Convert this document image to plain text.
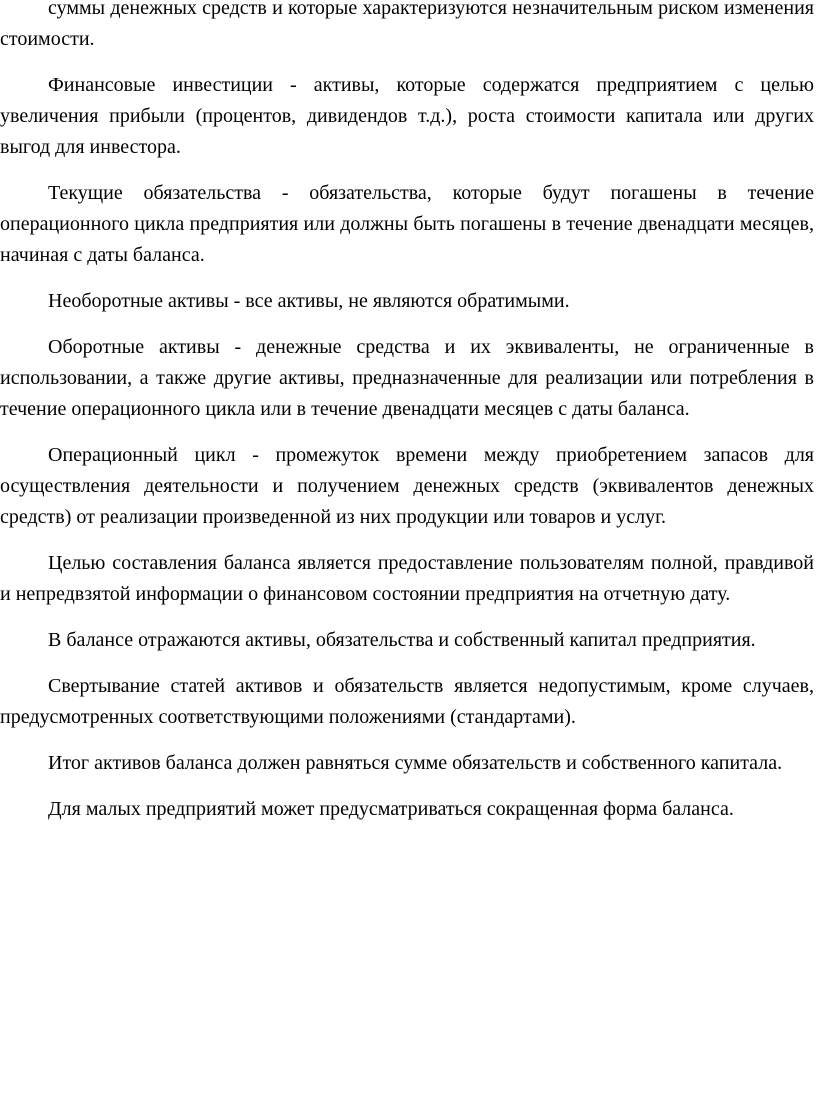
суммы денежных средств и которые характеризуются незначительным риском изменения стоимости.

Финансовые инвестиции - активы, которые содержатся предприятием с целью увеличения прибыли (процентов, дивидендов т.д.), роста стоимости капитала или других выгод для инвестора.

Текущие обязательства - обязательства, которые будут погашены в течение операционного цикла предприятия или должны быть погашены в течение двенадцати месяцев, начиная с даты баланса.

Необоротные активы - все активы, не являются обратимыми.

Оборотные активы - денежные средства и их эквиваленты, не ограниченные в использовании, а также другие активы, предназначенные для реализации или потребления в течение операционного цикла или в течение двенадцати месяцев с даты баланса.

Операционный цикл - промежуток времени между приобретением запасов для осуществления деятельности и получением денежных средств (эквивалентов денежных средств) от реализации произведенной из них продукции или товаров и услуг.

Целью составления баланса является предоставление пользователям полной, правдивой и непредвзятой информации о финансовом состоянии предприятия на отчетную дату.

В балансе отражаются активы, обязательства и собственный капитал предприятия.

Свертывание статей активов и обязательств является недопустимым, кроме случаев, предусмотренных соответствующими положениями (стандартами).

Итог активов баланса должен равняться сумме обязательств и собственного капитала.

Для малых предприятий может предусматриваться сокращенная форма баланса.
